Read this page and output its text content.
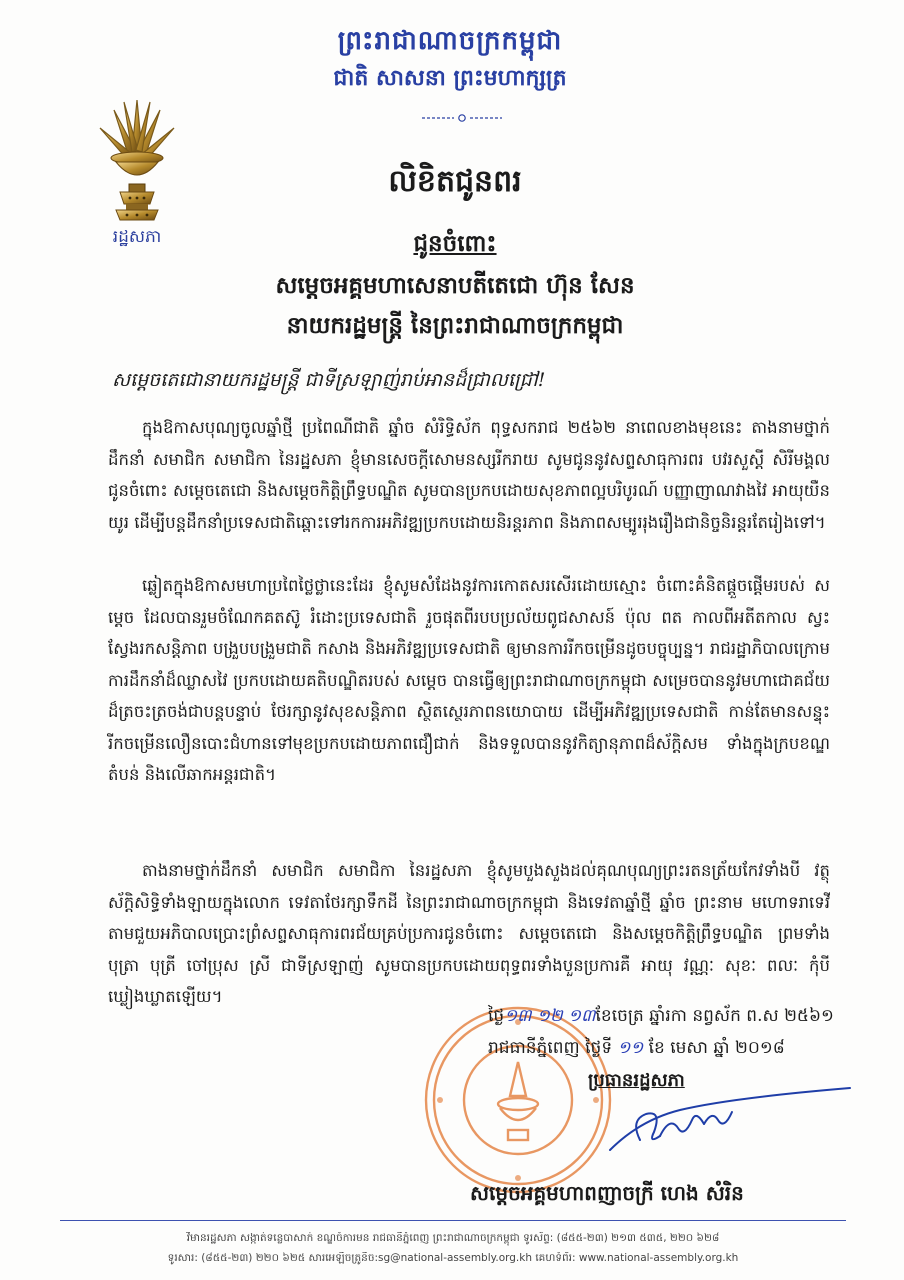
រដ្ឋសភា
ព្រះរាជាណាចក្រកម្ពុជា
ជាតិ សាសនា ព្រះមហាក្សត្រ
លិខិតជូនពរ
ជូនចំពោះ
សម្តេចអគ្គមហាសេនាបតីតេជោ ហ៊ុន សែន
នាយករដ្ឋមន្ត្រី នៃព្រះរាជាណាចក្រកម្ពុជា
សម្តេចតេជោនាយករដ្ឋមន្ត្រី ជាទីស្រឡាញ់រាប់អានដ៏ជ្រាលជ្រៅ!
ក្នុងឱកាសបុណ្យចូលឆ្នាំថ្មី ប្រពៃណីជាតិ ឆ្នាំច សំរិទ្ធិស័ក ពុទ្ធសករាជ ២៥៦២ នាពេលខាងមុខនេះ តាងនាមថ្នាក់ដឹកនាំ សមាជិក សមាជិកា នៃរដ្ឋសភា ខ្ញុំមានសេចក្តីសោមនស្សរីករាយ សូមជូននូវសព្ទសាធុការពរ បវរសួស្តី សិរីមង្គល ជូនចំពោះ សម្តេចតេជោ និងសម្តេចកិត្តិព្រឹទ្ធបណ្ឌិត សូមបានប្រកបដោយសុខភាពល្អបរិបូរណ៍ បញ្ញាញាណវាងវៃ អាយុយឺនយូរ ដើម្បីបន្តដឹកនាំប្រទេសជាតិឆ្ពោះទៅរកការអភិវឌ្ឍប្រកបដោយនិរន្តរភាព និងភាពសម្បូររុងរឿងជានិច្ចនិរន្តរតែរៀងទៅ។
ឆ្លៀតក្នុងឱកាសមហាប្រពៃថ្លៃថ្លានេះដែរ ខ្ញុំសូមសំដែងនូវការកោតសរសើរដោយស្មោះ ចំពោះគំនិតផ្តួចផ្តើមរបស់ សម្តេច ដែលបានរួមចំណែកគតស៊ូ រំដោះប្រទេសជាតិ រួចផុតពីរបបប្រល័យពូជសាសន៍ ប៉ុល ពត កាលពីអតីតកាល ស្វះស្វែងរកសន្តិភាព បង្រួបបង្រួមជាតិ កសាង និងអភិវឌ្ឍប្រទេសជាតិ ឲ្យមានការរីកចម្រើនដូចបច្ចុប្បន្ន។ រាជរដ្ឋាភិបាលក្រោមការដឹកនាំដ៏ឈ្លាសវៃ ប្រកបដោយគតិបណ្ឌិតរបស់ សម្តេច បានធ្វើឲ្យព្រះរាជាណាចក្រកម្ពុជា សម្រេចបាននូវមហាជោគជ័យដ៏ត្រចះត្រចង់ជាបន្តបន្ទាប់ ថែរក្សានូវសុខសន្តិភាព ស្ថិតស្ថេរភាពនយោបាយ ដើម្បីអភិវឌ្ឍប្រទេសជាតិ កាន់តែមានសន្ទុះរីកចម្រើនលឿនបោះជំហានទៅមុខប្រកបដោយភាពជឿជាក់ និងទទួលបាននូវកិត្យានុភាពដ៏ស័ក្តិសម ទាំងក្នុងក្របខណ្ឌតំបន់ និងលើឆាកអន្តរជាតិ។
តាងនាមថ្នាក់ដឹកនាំ សមាជិក សមាជិកា នៃរដ្ឋសភា ខ្ញុំសូមបួងសួងដល់គុណបុណ្យព្រះរតនត្រ័យកែវទាំងបី វត្ថុស័ក្តិសិទ្ធិទាំងឡាយក្នុងលោក ទេវតាថែរក្សាទឹកដី នៃព្រះរាជាណាចក្រកម្ពុជា និងទេវតាឆ្នាំថ្មី ឆ្នាំច ព្រះនាម មហោទរាទេវី តាមជួយអភិបាលប្រោះព្រំសព្ទសាធុការពរជ័យគ្រប់ប្រការជូនចំពោះ សម្តេចតេជោ និងសម្តេចកិត្តិព្រឹទ្ធបណ្ឌិត ព្រមទាំង បុត្រា បុត្រី ចៅប្រុស ស្រី ជាទីស្រឡាញ់ សូមបានប្រកបដោយពុទ្ធពរទាំងបួនប្រការគឺ អាយុ វណ្ណៈ សុខៈ ពលៈ កុំបីឃ្លៀងឃ្លាតឡើយ។
ថ្ងៃ១៣ ១២ ១៣ខែចេត្រ ឆ្នាំរកា នព្វស័ក ព.ស ២៥៦១
រាជធានីភ្នំពេញ ថ្ងៃទី ១១ ខែ មេសា ឆ្នាំ ២០១៨
ប្រធានរដ្ឋសភា
សម្តេចអគ្គមហាពញាចក្រី ហេង សំរិន
វិមានរដ្ឋសភា សង្កាត់ទន្លេបាសាក់ ខណ្ឌចំការមន រាជធានីភ្នំពេញ ព្រះរាជាណាចក្រកម្ពុជា ទូរស័ព្ទ: (៨៥៥-២៣) ២១៣ ៥៣៥, ២២០ ៦២៨
ទូរសារ: (៨៥៥-២៣) ២២០ ៦២៥ សារអេឡិចត្រូនិច:sg@national-assembly.org.kh គេហទំព័រ: www.national-assembly.org.kh
